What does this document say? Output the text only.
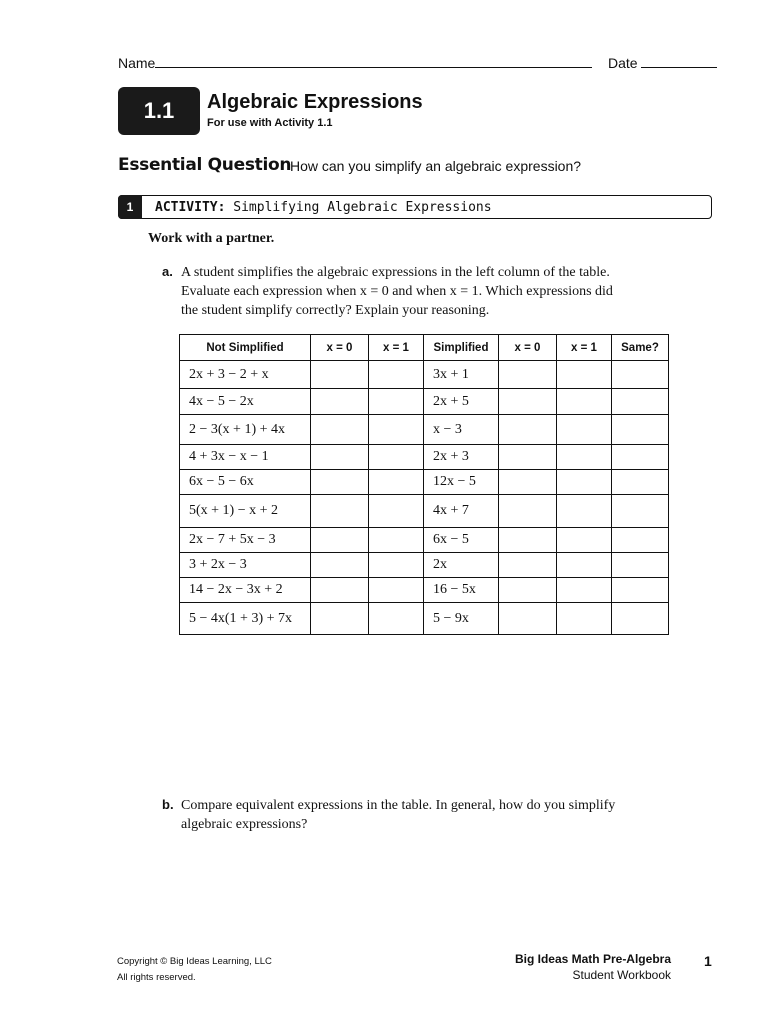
Name	Date
1.1	Algebraic Expressions
For use with Activity 1.1
Essential Question
How can you simplify an algebraic expression?
1	ACTIVITY: Simplifying Algebraic Expressions
Work with a partner.
a. A student simplifies the algebraic expressions in the left column of the table. Evaluate each expression when x = 0 and when x = 1. Which expressions did the student simplify correctly? Explain your reasoning.
Not Simplified	x = 0	x = 1	Simplified	x = 0	x = 1	Same?
2x + 3 − 2 + x			3x + 1			
4x − 5 − 2x			2x + 5			
2 − 3(x + 1) + 4x			x − 3			
4 + 3x − x − 1			2x + 3			
6x − 5 − 6x			12x − 5			
5(x + 1) − x + 2			4x + 7			
2x − 7 + 5x − 3			6x − 5			
3 + 2x − 3			2x			
14 − 2x − 3x + 2			16 − 5x			
5 − 4x(1 + 3) + 7x			5 − 9x			
b. Compare equivalent expressions in the table. In general, how do you simplify algebraic expressions?
Copyright © Big Ideas Learning, LLC
All rights reserved.
Big Ideas Math Pre-Algebra
Student Workbook
1
